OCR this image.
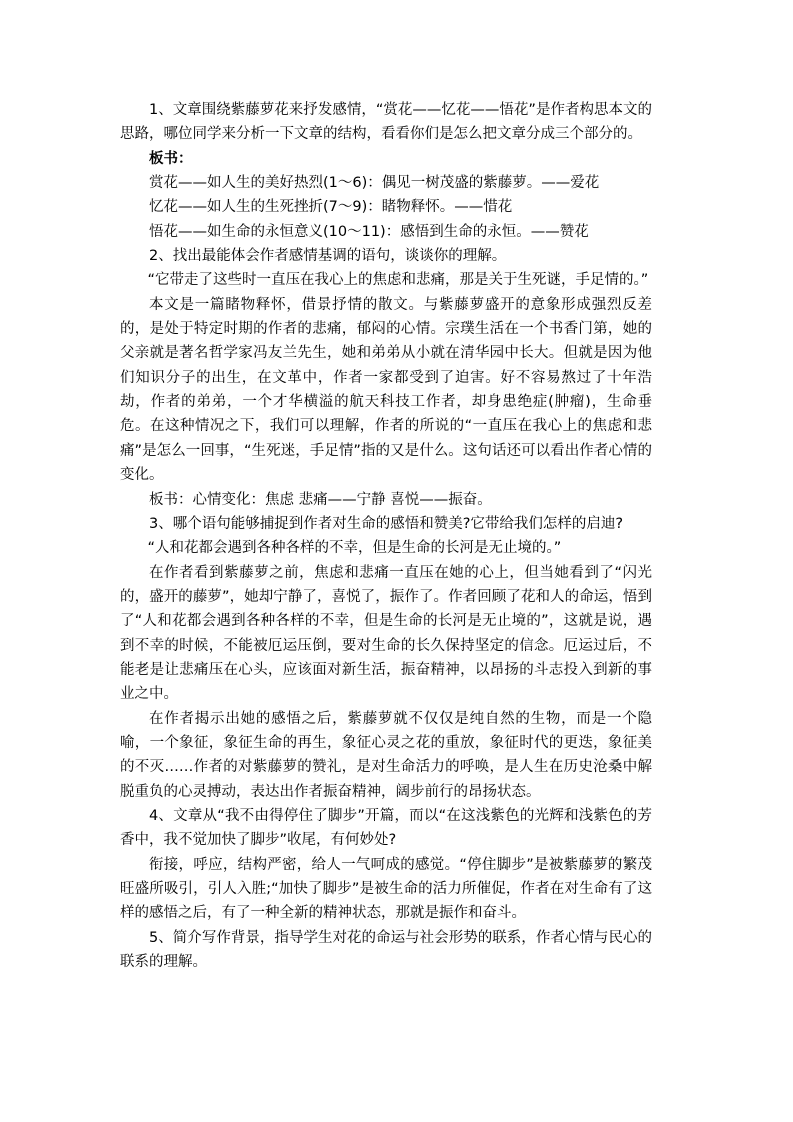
1、文章围绕紫藤萝花来抒发感情，“赏花——忆花——悟花”是作者构思本文的思路，哪位同学来分析一下文章的结构，看看你们是怎么把文章分成三个部分的。

板书：

赏花——如人生的美好热烈(1～6)：偶见一树茂盛的紫藤萝。——爱花

忆花——如人生的生死挫折(7～9)：睹物释怀。——惜花

悟花——如生命的永恒意义(10～11)：感悟到生命的永恒。——赞花

2、找出最能体会作者感情基调的语句，谈谈你的理解。

“它带走了这些时一直压在我心上的焦虑和悲痛，那是关于生死谜，手足情的。”

本文是一篇睹物释怀，借景抒情的散文。与紫藤萝盛开的意象形成强烈反差的，是处于特定时期的作者的悲痛，郁闷的心情。宗璞生活在一个书香门第，她的父亲就是著名哲学家冯友兰先生，她和弟弟从小就在清华园中长大。但就是因为他们知识分子的出生，在文革中，作者一家都受到了迫害。好不容易熬过了十年浩劫，作者的弟弟，一个才华横溢的航天科技工作者，却身患绝症(肿瘤)，生命垂危。在这种情况之下，我们可以理解，作者的所说的“一直压在我心上的焦虑和悲痛”是怎么一回事，“生死迷，手足情”指的又是什么。这句话还可以看出作者心情的变化。

板书：心情变化：焦虑 悲痛——宁静 喜悦——振奋。

3、哪个语句能够捕捉到作者对生命的感悟和赞美?它带给我们怎样的启迪?

“人和花都会遇到各种各样的不幸，但是生命的长河是无止境的。”

在作者看到紫藤萝之前，焦虑和悲痛一直压在她的心上，但当她看到了“闪光的，盛开的藤萝”，她却宁静了，喜悦了，振作了。作者回顾了花和人的命运，悟到了“人和花都会遇到各种各样的不幸，但是生命的长河是无止境的”，这就是说，遇到不幸的时候，不能被厄运压倒，要对生命的长久保持坚定的信念。厄运过后，不能老是让悲痛压在心头，应该面对新生活，振奋精神，以昂扬的斗志投入到新的事业之中。

在作者揭示出她的感悟之后，紫藤萝就不仅仅是纯自然的生物，而是一个隐喻，一个象征，象征生命的再生，象征心灵之花的重放，象征时代的更迭，象征美的不灭……作者的对紫藤萝的赞礼，是对生命活力的呼唤，是人生在历史沧桑中解脱重负的心灵搏动，表达出作者振奋精神，阔步前行的昂扬状态。

4、文章从“我不由得停住了脚步”开篇，而以“在这浅紫色的光辉和浅紫色的芳香中，我不觉加快了脚步”收尾，有何妙处?

衔接，呼应，结构严密，给人一气呵成的感觉。“停住脚步”是被紫藤萝的繁茂旺盛所吸引，引人入胜;“加快了脚步”是被生命的活力所催促，作者在对生命有了这样的感悟之后，有了一种全新的精神状态，那就是振作和奋斗。

5、简介写作背景，指导学生对花的命运与社会形势的联系，作者心情与民心的联系的理解。
